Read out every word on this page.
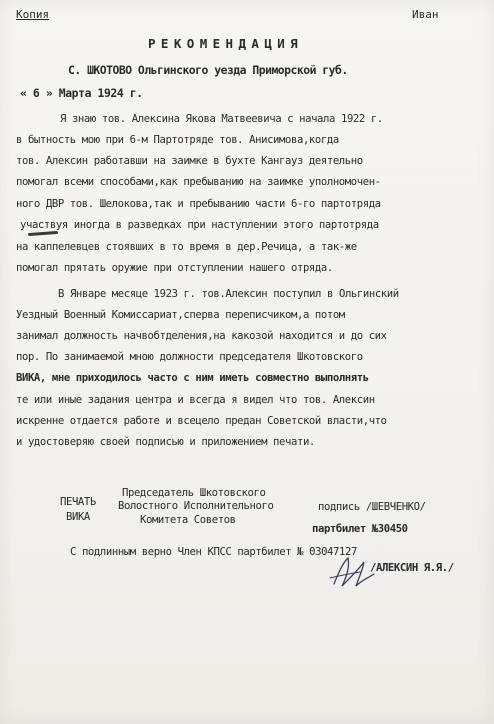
Копия	Иван
РЕКОМЕНДАЦИЯ
С. ШКОТОВО Ольгинского уезда Приморской губ.
« 6 » Марта 1924 г.
Я знаю тов. Алексина Якова Матвеевича с начала 1922 г.
в бытность мою при 6-м Партотряде тов. Анисимова,когда
тов. Алексин работавши на заимке в бухте Кангауз деятельно
помогал всеми способами,как пребыванию на заимке уполномочен-
ного ДВР тов. Шелокова,так и пребыванию части 6-го партотряда
участвуя иногда в разведках при наступлении этого партотряда
на каппелевцев стоявших в то время в дер.Речица, а так-же
помогал прятать оружие при отступлении нашего отряда.
В Январе месяце 1923 г. тов.Алексин поступил в Ольгинский
Уездный Военный Комиссариат,сперва переписчиком,а потом
занимал должность начвобтделения,на какозой находится и до сих
пор. По занимаемой мною должности председателя Шкотовского
ВИКА, мне приходилось часто с ним иметь совместно выполнять
те или иные задания центра и всегда я видел что тов. Алексин
искренне отдается работе и всецело предан Советской власти,что
и удостоверяю своей подписью и приложением печати.
ПЕЧАТЬ
ВИКА
Председатель Шкотовского
Волостного Исполнительного
Комитета Советов
подпись /ШЕВЧЕНКО/
партбилет №30450
С подлинным верно Член КПСС партбилет № 03047127
/АЛЕКСИН Я.Я./
